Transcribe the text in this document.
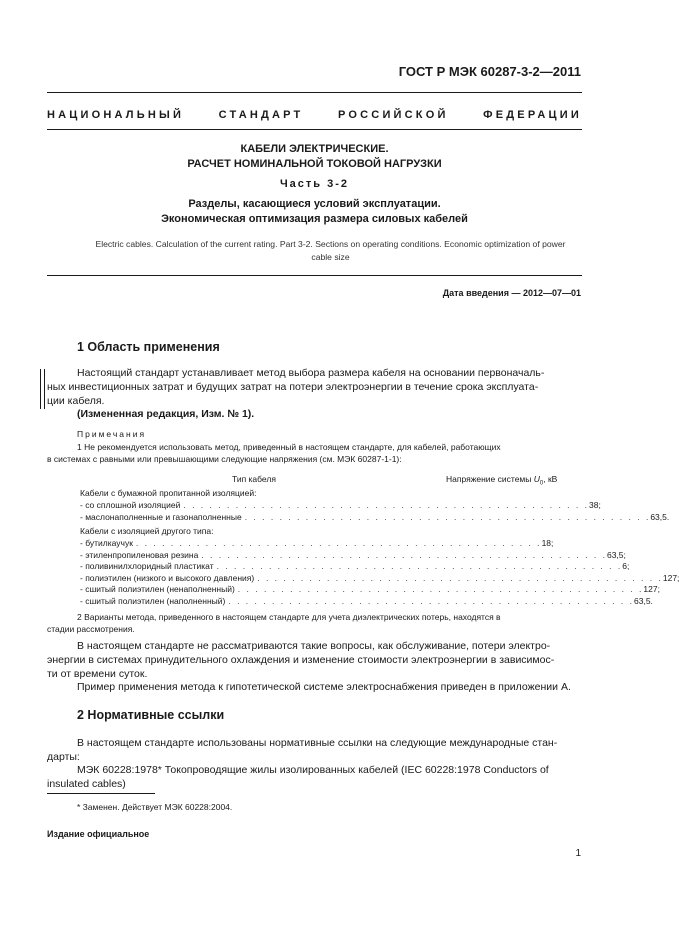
ГОСТ Р МЭК 60287-3-2—2011
НАЦИОНАЛЬНЫЙ	СТАНДАРТ	РОССИЙСКОЙ	ФЕДЕРАЦИИ
КАБЕЛИ ЭЛЕКТРИЧЕСКИЕ.
РАСЧЕТ НОМИНАЛЬНОЙ ТОКОВОЙ НАГРУЗКИ
Часть 3-2
Разделы, касающиеся условий эксплуатации.
Экономическая оптимизация размера силовых кабелей
Electric cables. Calculation of the current rating. Part 3-2. Sections on operating conditions. Economic optimization of power
cable size
Дата введения — 2012—07—01
1 Область применения
Настоящий стандарт устанавливает метод выбора размера кабеля на основании первоначаль-
ных инвестиционных затрат и будущих затрат на потери электроэнергии в течение срока эксплуата-
ции кабеля.
(Измененная редакция, Изм. № 1).
Примечания
1 Не рекомендуется использовать метод, приведенный в настоящем стандарте, для кабелей, работающих
в системах с равными или превышающими следующие напряжения (см. МЭК 60287-1-1):
Тип кабеля	Напряжение системы $U_0$, кВ
Кабели с бумажной пропитанной изоляцией:
- со сплошной изоляцией . . . . . . . . . . . . . . . . . . . . . . . . . . . . . . . . . . . . . . . . . . . . . . . 38;
- маслонаполненные и газонаполненные . . . . . . . . . . . . . . . . . . . . . . . . . . . . . . . . . . . . . . . . . . . . . . . 63,5.
Кабели с изоляцией другого типа:
- бутилкаучук . . . . . . . . . . . . . . . . . . . . . . . . . . . . . . . . . . . . . . . . . . . . . . . 18;
- этиленпропиленовая резина . . . . . . . . . . . . . . . . . . . . . . . . . . . . . . . . . . . . . . . . . . . . . . . 63,5;
- поливинилхлоридный пластикат . . . . . . . . . . . . . . . . . . . . . . . . . . . . . . . . . . . . . . . . . . . . . . . 6;
- полиэтилен (низкого и высокого давления) . . . . . . . . . . . . . . . . . . . . . . . . . . . . . . . . . . . . . . . . . . . . . . . 127;
- сшитый полиэтилен (ненаполненный) . . . . . . . . . . . . . . . . . . . . . . . . . . . . . . . . . . . . . . . . . . . . . . . 127;
- сшитый полиэтилен (наполненный) . . . . . . . . . . . . . . . . . . . . . . . . . . . . . . . . . . . . . . . . . . . . . . . 63,5.
2 Варианты метода, приведенного в настоящем стандарте для учета диэлектрических потерь, находятся в
стадии рассмотрения.
В настоящем стандарте не рассматриваются такие вопросы, как обслуживание, потери электро-
энергии в системах принудительного охлаждения и изменение стоимости электроэнергии в зависимос-
ти от времени суток.
Пример применения метода к гипотетической системе электроснабжения приведен в приложении А.
2 Нормативные ссылки
В настоящем стандарте использованы нормативные ссылки на следующие международные стан-
дарты:
МЭК 60228:1978* Токопроводящие жилы изолированных кабелей (IEC 60228:1978 Conductors of
insulated cables)
* Заменен. Действует МЭК 60228:2004.
Издание официальное
1
